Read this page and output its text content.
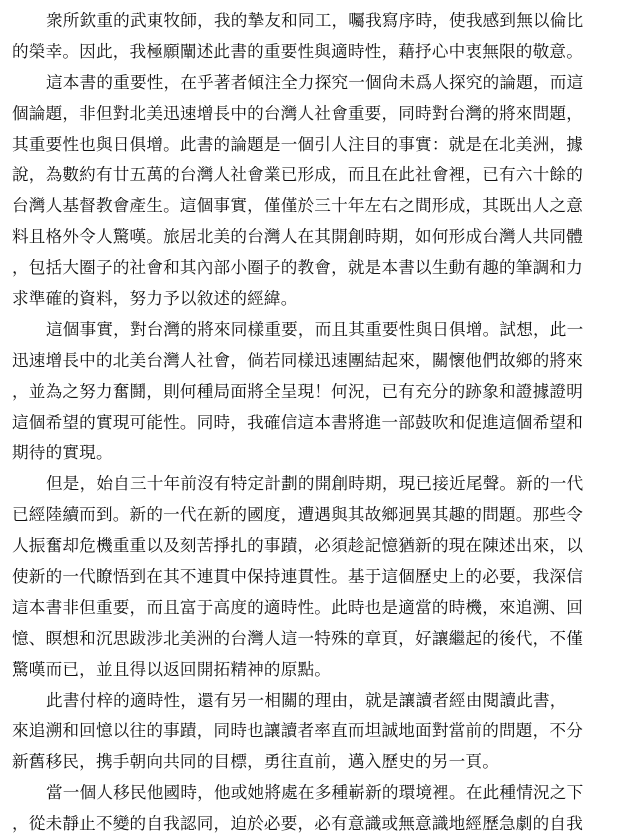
衆所欽重的武東牧師，我的摯友和同工，囑我寫序時，使我感到無以倫比
的榮幸。因此，我極願闡述此書的重要性與適時性，藉抒心中衷無限的敬意。
這本書的重要性，在乎著者傾注全力探究一個尙未爲人探究的論題，而這
個論題，非但對北美迅速增長中的台灣人社會重要，同時對台灣的將來問題，
其重要性也與日俱增。此書的論題是一個引人注目的事實：就是在北美洲，據
說，為數約有廿五萬的台灣人社會業已形成，而且在此社會裡，已有六十餘的
台灣人基督教會產生。這個事實，僅僅於三十年左右之間形成，其既出人之意
料且格外令人驚嘆。旅居北美的台灣人在其開創時期，如何形成台灣人共同體
，包括大圈子的社會和其內部小圈子的教會，就是本書以生動有趣的筆調和力
求準確的資料，努力予以敘述的經緯。
這個事實，對台灣的將來同樣重要，而且其重要性與日俱增。試想，此一
迅速增長中的北美台灣人社會，倘若同樣迅速團結起來，關懷他們故鄉的將來
，並為之努力奮鬪，則何種局面將全呈現！何況，已有充分的跡象和證據證明
這個希望的實現可能性。同時，我確信這本書將進一部鼓吹和促進這個希望和
期待的實現。
但是，始自三十年前沒有特定計劃的開創時期，現已接近尾聲。新的一代
已經陸續而到。新的一代在新的國度，遭遇與其故鄉迥異其趣的問題。那些令
人振奮却危機重重以及刻苦掙扎的事蹟，必須趁記憶猶新的現在陳述出來，以
使新的一代瞭悟到在其不連貫中保持連貫性。基于這個歷史上的必要，我深信
這本書非但重要，而且富于高度的適時性。此時也是適當的時機，來追溯、回
憶、瞑想和沉思跋涉北美洲的台灣人這一特殊的章頁，好讓繼起的後代，不僅
驚嘆而已，並且得以返回開拓精神的原點。
此書付梓的適時性，還有另一相關的理由，就是讓讀者經由閱讀此書，
來追溯和回憶以往的事蹟，同時也讓讀者率直而坦誠地面對當前的問題，不分
新舊移民，携手朝向共同的目標，勇往直前，邁入歷史的另一頁。
當一個人移民他國時，他或她將處在多種嶄新的環境裡。在此種情況之下
，從未靜止不變的自我認同，迫於必要，必有意識或無意識地經歷急劇的自我
